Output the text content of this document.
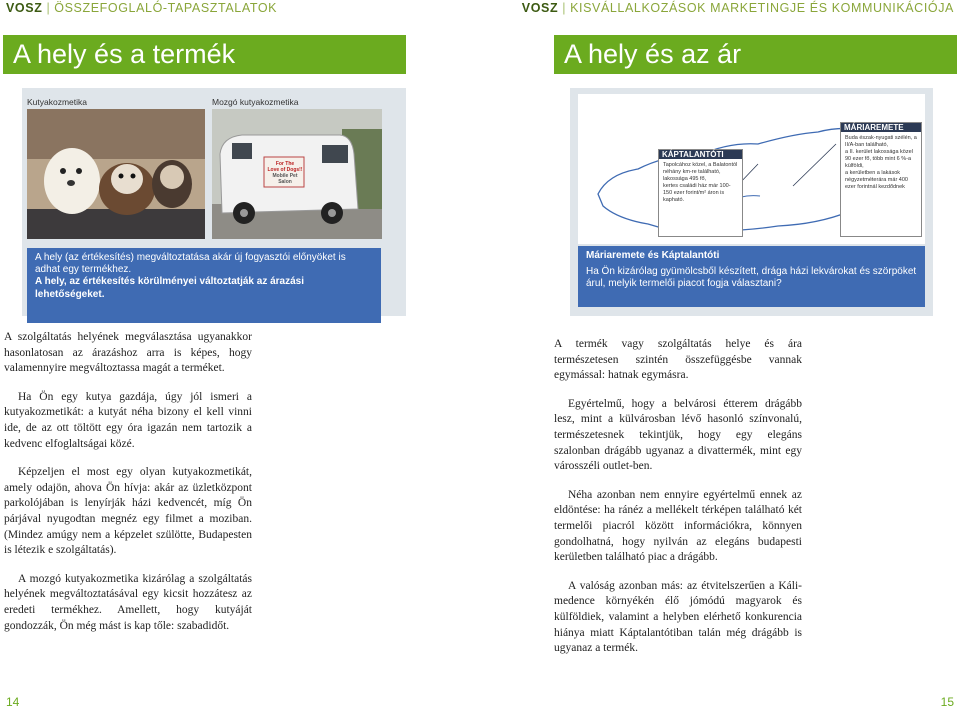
VOSZ | ÖSSZEFOGLALÓ-TAPASZTALATOK
A hely és a termék
Kutyakozmetika	Mozgó kutyakozmetika
For The
Love of Dogs!!
Mobile Pet Salon
A hely (az értékesítés) megváltoztatása akár új fogyasztói előnyöket is adhat egy termékhez.
A hely, az értékesítés körülményei változtatják az árazási lehetőségeket.

A szolgáltatás helyének megválasztása ugyanakkor hasonlatosan az árazáshoz arra is képes, hogy valamennyire megváltoztassa magát a terméket.

Ha Ön egy kutya gazdája, úgy jól ismeri a kutyakozmetikát: a kutyát néha bizony el kell vinni ide, de az ott töltött egy óra igazán nem tartozik a kedvenc elfoglaltságai közé.

Képzeljen el most egy olyan kutyakozmetikát, amely odajön, ahova Ön hívja: akár az üzletközpont parkolójában is lenyírják házi kedvencét, míg Ön párjával nyugodtan megnéz egy filmet a moziban. (Mindez amúgy nem a képzelet szülötte, Budapesten is létezik e szolgáltatás).

A mozgó kutyakozmetika kizárólag a szolgáltatás helyének megváltoztatásával egy kicsit hozzátesz az eredeti termékhez. Amellett, hogy kutyáját gondozzák, Ön még mást is kap tőle: szabadidőt.

14
VOSZ | KISVÁLLALKOZÁSOK MARKETINGJE ÉS KOMMUNIKÁCIÓJA
A hely és az ár
KÁPTALANTÓTI
Tapolcához közel, a Balatontól néhány km-re található,
lakossága 495 fő,
kertes családi ház már 100-150 ezer forint/m² áron is kapható.
MÁRIAREMETE
Buda észak-nyugati szélén, a II/A-ban található,
a II. kerület lakossága közel 90 ezer fő, több mint 6 %-a külföldi,
a kerületben a lakások négyzetméterára már 400 ezer forintnál kezdődnek
Máriaremete és Káptalantóti
Ha Ön kizárólag gyümölcsből készített, drága házi lekvárokat és szörpöket árul, melyik termelői piacot fogja választani?

A termék vagy szolgáltatás helye és ára természetesen szintén összefüggésbe vannak egymással: hatnak egymásra.

Egyértelmű, hogy a belvárosi étterem drágább lesz, mint a külvárosban lévő hasonló színvonalú, természetesnek tekintjük, hogy egy elegáns szalonban drágább ugyanaz a divattermék, mint egy városszéli outlet-ben.

Néha azonban nem ennyire egyértelmű ennek az eldöntése: ha ránéz a mellékelt térképen található két termelői piacról között információkra, könnyen gondolhatná, hogy nyilván az elegáns budapesti kerületben található piac a drágább.

A valóság azonban más: az étvitelszerűen a Káli-medence környékén élő jómódú magyarok és külföldiek, valamint a helyben elérhető konkurencia hiánya miatt Káptalantótiban talán még drágább is ugyanaz a termék.

15
